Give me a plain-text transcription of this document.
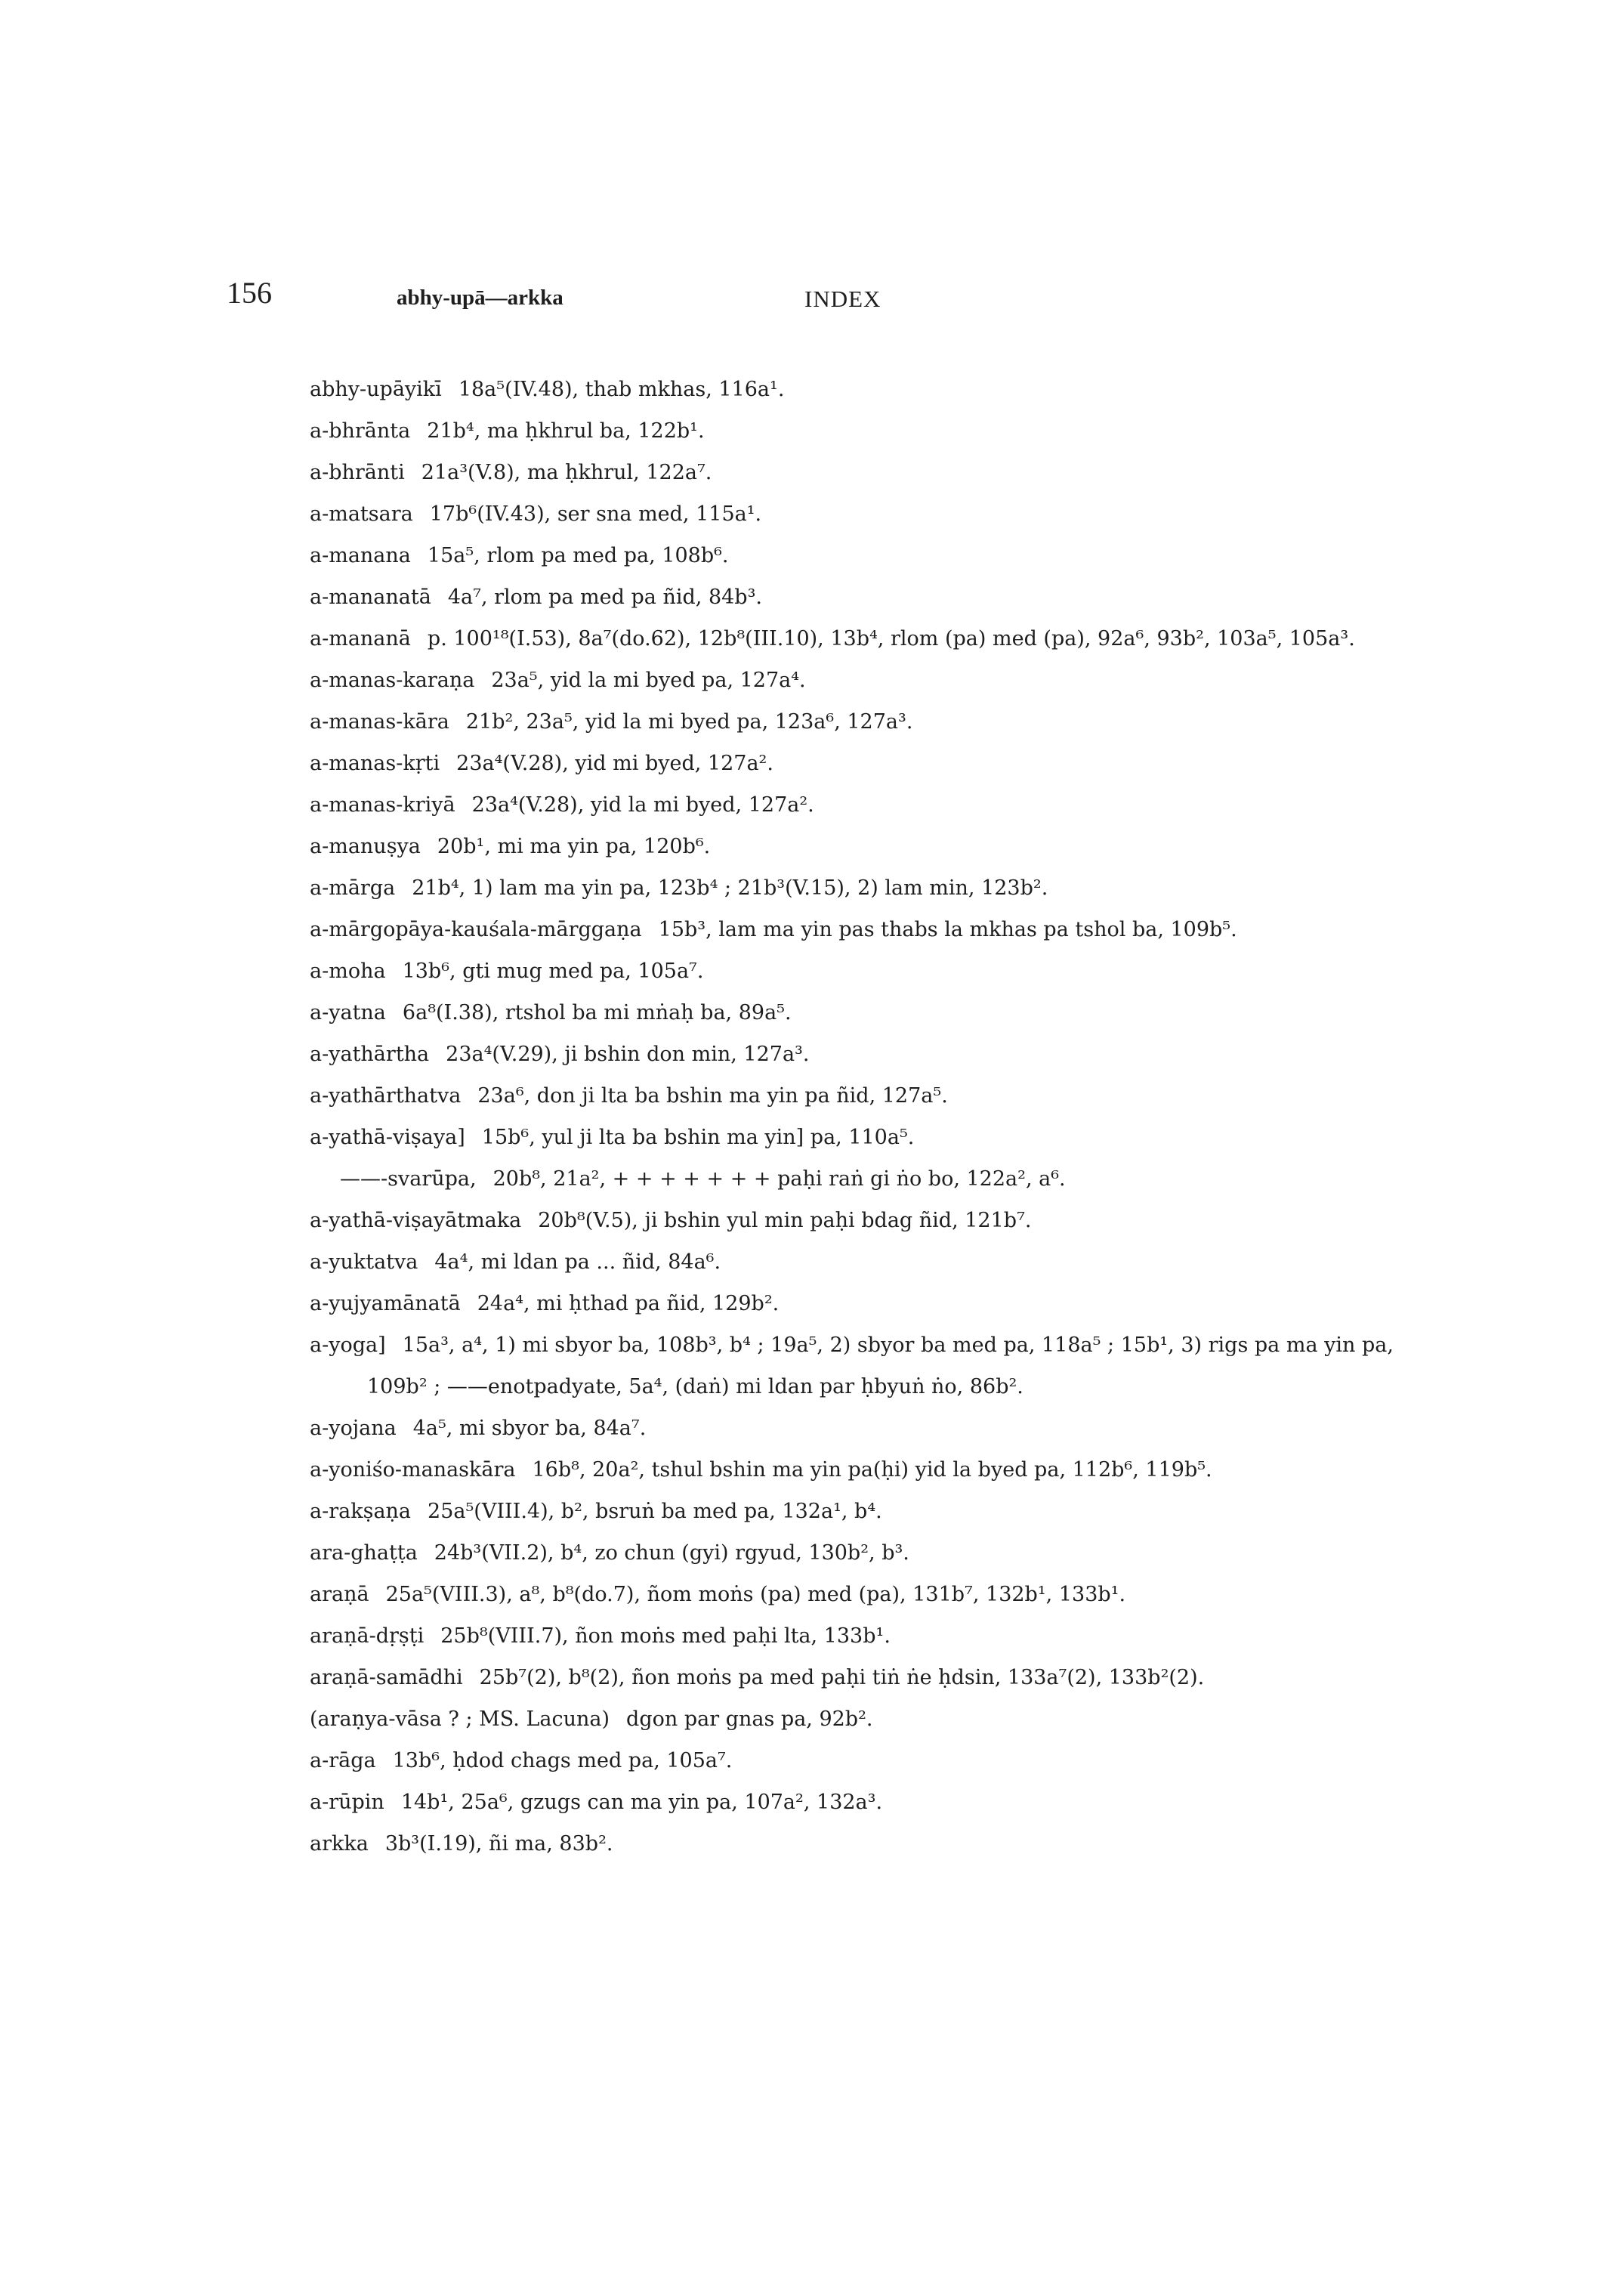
156	abhy-upā—arkka	INDEX
abhy-upāyikī 18a⁵(IV.48), thab mkhas, 116a¹.
a-bhrānta 21b⁴, ma ḥkhrul ba, 122b¹.
a-bhrānti 21a³(V.8), ma ḥkhrul, 122a⁷.
a-matsara 17b⁶(IV.43), ser sna med, 115a¹.
a-manana 15a⁵, rlom pa med pa, 108b⁶.
a-mananatā 4a⁷, rlom pa med pa ñid, 84b³.
a-mananā p. 100¹⁸(I.53), 8a⁷(do.62), 12b⁸(III.10), 13b⁴, rlom (pa) med (pa), 92a⁶, 93b², 103a⁵, 105a³.
a-manas-karaṇa 23a⁵, yid la mi byed pa, 127a⁴.
a-manas-kāra 21b², 23a⁵, yid la mi byed pa, 123a⁶, 127a³.
a-manas-kṛti 23a⁴(V.28), yid mi byed, 127a².
a-manas-kriyā 23a⁴(V.28), yid la mi byed, 127a².
a-manuṣya 20b¹, mi ma yin pa, 120b⁶.
a-mārga 21b⁴, 1) lam ma yin pa, 123b⁴ ; 21b³(V.15), 2) lam min, 123b².
a-mārgopāya-kauśala-mārggaṇa 15b³, lam ma yin pas thabs la mkhas pa tshol ba, 109b⁵.
a-moha 13b⁶, gti mug med pa, 105a⁷.
a-yatna 6a⁸(I.38), rtshol ba mi mṅaḥ ba, 89a⁵.
a-yathārtha 23a⁴(V.29), ji bshin don min, 127a³.
a-yathārthatva 23a⁶, don ji lta ba bshin ma yin pa ñid, 127a⁵.
a-yathā-viṣaya] 15b⁶, yul ji lta ba bshin ma yin] pa, 110a⁵.
——-svarūpa, 20b⁸, 21a², + + + + + + + paḥi raṅ gi ṅo bo, 122a², a⁶.
a-yathā-viṣayātmaka 20b⁸(V.5), ji bshin yul min paḥi bdag ñid, 121b⁷.
a-yuktatva 4a⁴, mi ldan pa ... ñid, 84a⁶.
a-yujyamānatā 24a⁴, mi ḥthad pa ñid, 129b².
a-yoga] 15a³, a⁴, 1) mi sbyor ba, 108b³, b⁴ ; 19a⁵, 2) sbyor ba med pa, 118a⁵ ; 15b¹, 3) rigs pa ma yin pa, 109b² ; ——enotpadyate, 5a⁴, (daṅ) mi ldan par ḥbyuṅ ṅo, 86b².
a-yojana 4a⁵, mi sbyor ba, 84a⁷.
a-yoniśo-manaskāra 16b⁸, 20a², tshul bshin ma yin pa(ḥi) yid la byed pa, 112b⁶, 119b⁵.
a-rakṣaṇa 25a⁵(VIII.4), b², bsruṅ ba med pa, 132a¹, b⁴.
ara-ghaṭṭa 24b³(VII.2), b⁴, zo chun (gyi) rgyud, 130b², b³.
araṇā 25a⁵(VIII.3), a⁸, b⁸(do.7), ñom moṅs (pa) med (pa), 131b⁷, 132b¹, 133b¹.
araṇā-dṛṣṭi 25b⁸(VIII.7), ñon moṅs med paḥi lta, 133b¹.
araṇā-samādhi 25b⁷(2), b⁸(2), ñon moṅs pa med paḥi tiṅ ṅe ḥdsin, 133a⁷(2), 133b²(2).
(araṇya-vāsa ? ; MS. Lacuna) dgon par gnas pa, 92b².
a-rāga 13b⁶, ḥdod chags med pa, 105a⁷.
a-rūpin 14b¹, 25a⁶, gzugs can ma yin pa, 107a², 132a³.
arkka 3b³(I.19), ñi ma, 83b².
